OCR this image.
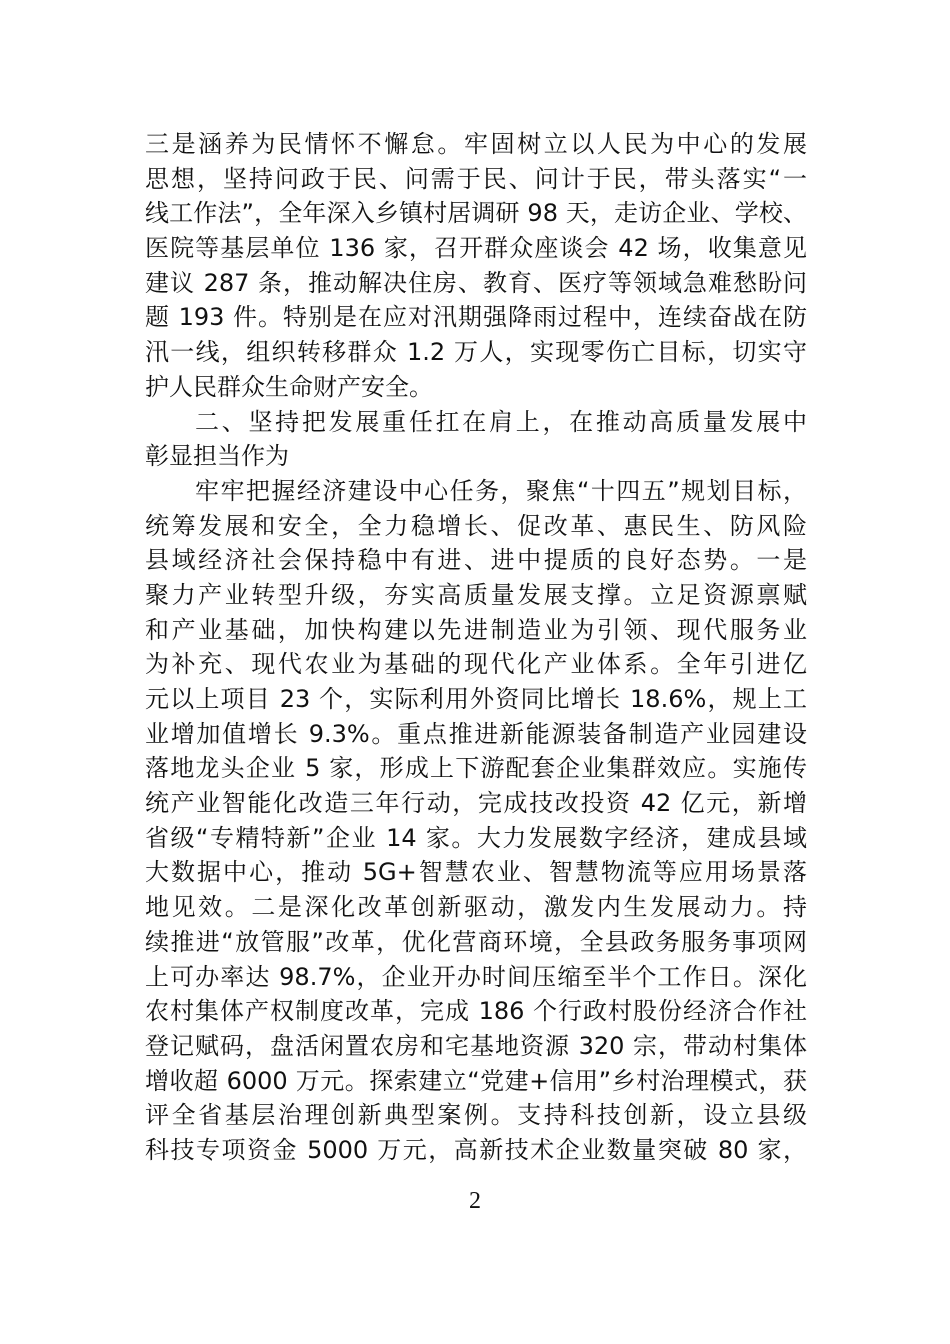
三是涵养为民情怀不懈怠。牢固树立以人民为中心的发展
思想，坚持问政于民、问需于民、问计于民，带头落实“一
线工作法”，全年深入乡镇村居调研 98 天，走访企业、学校、
医院等基层单位 136 家，召开群众座谈会 42 场，收集意见
建议 287 条，推动解决住房、教育、医疗等领域急难愁盼问
题 193 件。特别是在应对汛期强降雨过程中，连续奋战在防
汛一线，组织转移群众 1.2 万人，实现零伤亡目标，切实守
护人民群众生命财产安全。
二、坚持把发展重任扛在肩上，在推动高质量发展中
彰显担当作为
牢牢把握经济建设中心任务，聚焦“十四五”规划目标，
统筹发展和安全，全力稳增长、促改革、惠民生、防风险
县域经济社会保持稳中有进、进中提质的良好态势。一是
聚力产业转型升级，夯实高质量发展支撑。立足资源禀赋
和产业基础，加快构建以先进制造业为引领、现代服务业
为补充、现代农业为基础的现代化产业体系。全年引进亿
元以上项目 23 个，实际利用外资同比增长 18.6%，规上工
业增加值增长 9.3%。重点推进新能源装备制造产业园建设
落地龙头企业 5 家，形成上下游配套企业集群效应。实施传
统产业智能化改造三年行动，完成技改投资 42 亿元，新增
省级“专精特新”企业 14 家。大力发展数字经济，建成县域
大数据中心，推动 5G+智慧农业、智慧物流等应用场景落
地见效。二是深化改革创新驱动，激发内生发展动力。持
续推进“放管服”改革，优化营商环境，全县政务服务事项网
上可办率达 98.7%，企业开办时间压缩至半个工作日。深化
农村集体产权制度改革，完成 186 个行政村股份经济合作社
登记赋码，盘活闲置农房和宅基地资源 320 宗，带动村集体
增收超 6000 万元。探索建立“党建+信用”乡村治理模式，获
评全省基层治理创新典型案例。支持科技创新，设立县级
科技专项资金 5000 万元，高新技术企业数量突破 80 家，
2
